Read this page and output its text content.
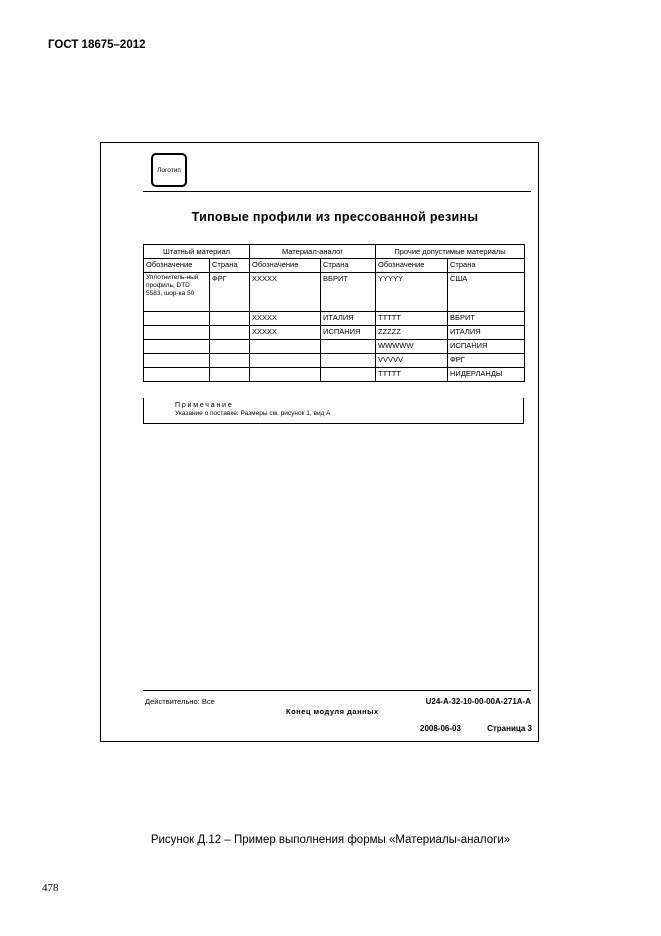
ГОСТ 18675–2012
Логотип
Типовые профили из прессованной резины
Штатный материал		Материал-аналог		Прочие допустимые материалы	
Обозначение	Страна	Обозначение	Страна	Обозначение	Страна
Уплотнитель-ный профиль, DTD 5583, шор-ка 50	ФРГ	XXXXX	ВБРИТ	YYYYY	США
		XXXXX	ИТАЛИЯ	TTTTT	ВБРИТ
		XXXXX	ИСПАНИЯ	ZZZZZ	ИТАЛИЯ
				WWWWW	ИСПАНИЯ
				VVVVV	ФРГ
				TTTTT	НИДЕРЛАНДЫ
Примечание
Указание о поставке: Размеры см. рисунок 1, вид А
Действительно: Все	U24-A-32-10-00-00A-271A-A
Конец модуля данных
2008-06-03	Страница 3
Рисунок Д.12 – Пример выполнения формы «Материалы-аналоги»
478
